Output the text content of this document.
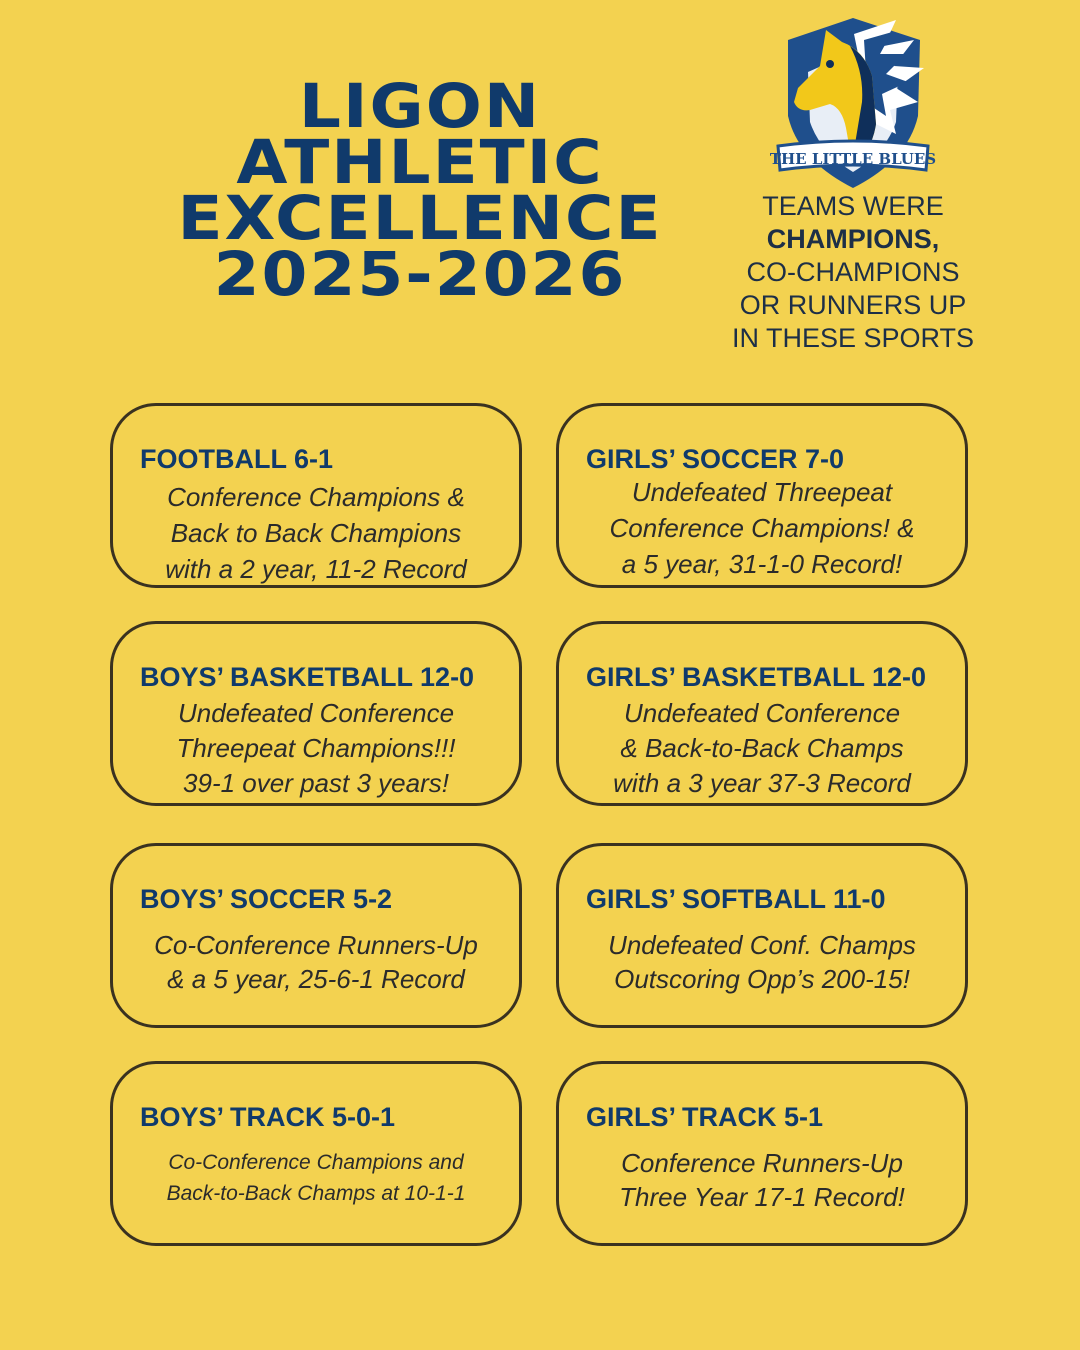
LIGON
ATHLETIC
EXCELLENCE
2025-2026
THE LITTLE BLUES
TEAMS WERE
CHAMPIONS,
CO-CHAMPIONS
OR RUNNERS UP
IN THESE SPORTS
FOOTBALL 6-1
Conference Champions &
Back to Back Champions
with a 2 year, 11-2 Record
GIRLS’ SOCCER 7-0
Undefeated Threepeat
Conference Champions! &
a 5 year, 31-1-0 Record!
BOYS’ BASKETBALL 12-0
Undefeated Conference
Threepeat Champions!!!
39-1 over past 3 years!
GIRLS’ BASKETBALL 12-0
Undefeated Conference
& Back-to-Back Champs
with a 3 year 37-3 Record
BOYS’ SOCCER 5-2
Co-Conference Runners-Up
& a 5 year, 25-6-1 Record
GIRLS’ SOFTBALL 11-0
Undefeated Conf. Champs
Outscoring Opp’s 200-15!
BOYS’ TRACK 5-0-1
Co-Conference Champions and
Back-to-Back Champs at 10-1-1
GIRLS’ TRACK 5-1
Conference Runners-Up
Three Year 17-1 Record!
